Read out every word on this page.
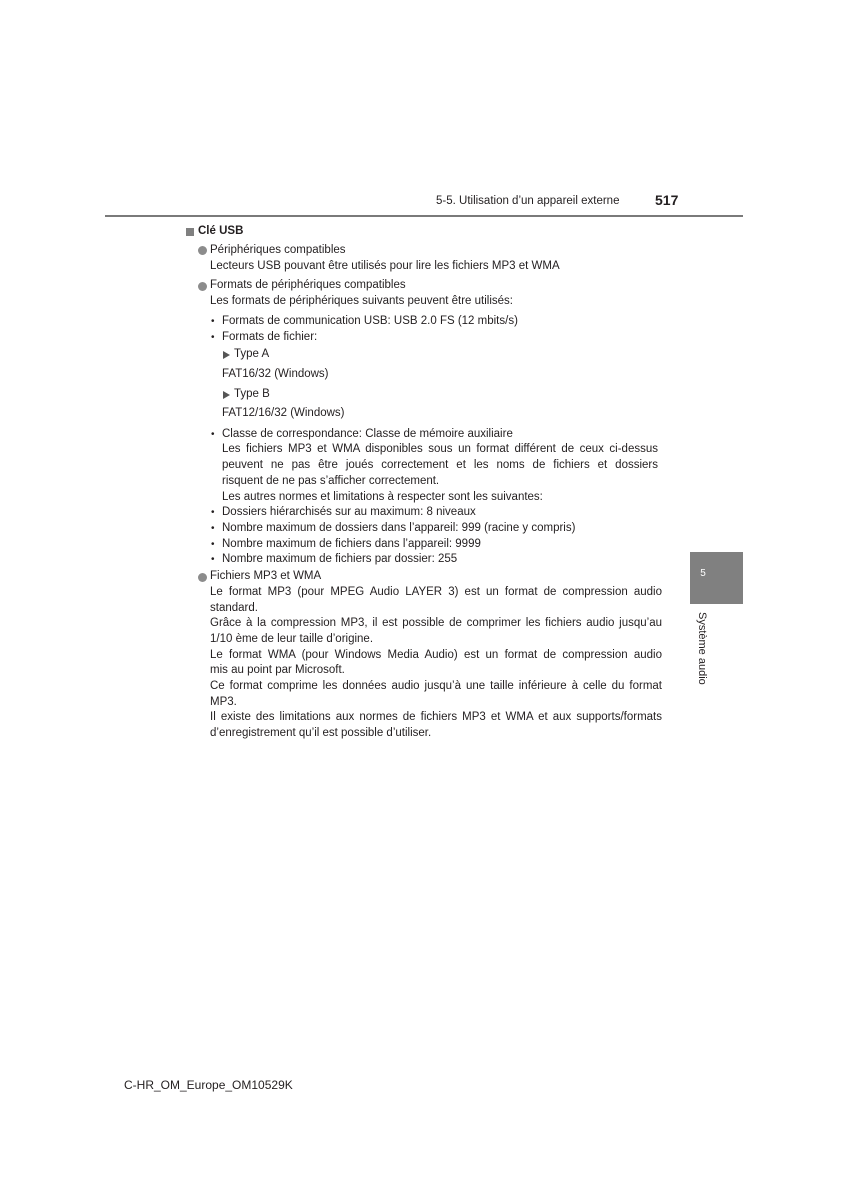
5-5. Utilisation d’un appareil externe	517
Clé USB
Périphériques compatibles
Lecteurs USB pouvant être utilisés pour lire les fichiers MP3 et WMA
Formats de périphériques compatibles
Les formats de périphériques suivants peuvent être utilisés:
• Formats de communication USB: USB 2.0 FS (12 mbits/s)
• Formats de fichier:
Type A
FAT16/32 (Windows)
Type B
FAT12/16/32 (Windows)
• Classe de correspondance: Classe de mémoire auxiliaire
Les fichiers MP3 et WMA disponibles sous un format différent de ceux ci-dessus
peuvent ne pas être joués correctement et les noms de fichiers et dossiers
risquent de ne pas s’afficher correctement.
Les autres normes et limitations à respecter sont les suivantes:
• Dossiers hiérarchisés sur au maximum: 8 niveaux
• Nombre maximum de dossiers dans l’appareil: 999 (racine y compris)
• Nombre maximum de fichiers dans l’appareil: 9999
• Nombre maximum de fichiers par dossier: 255
Fichiers MP3 et WMA
Le format MP3 (pour MPEG Audio LAYER 3) est un format de compression audio
standard.
Grâce à la compression MP3, il est possible de comprimer les fichiers audio jusqu’au
1/10 ème de leur taille d’origine.
Le format WMA (pour Windows Media Audio) est un format de compression audio
mis au point par Microsoft.
Ce format comprime les données audio jusqu’à une taille inférieure à celle du format
MP3.
Il existe des limitations aux normes de fichiers MP3 et WMA et aux supports/formats
d’enregistrement qu’il est possible d’utiliser.
5
Système audio
C-HR_OM_Europe_OM10529K
